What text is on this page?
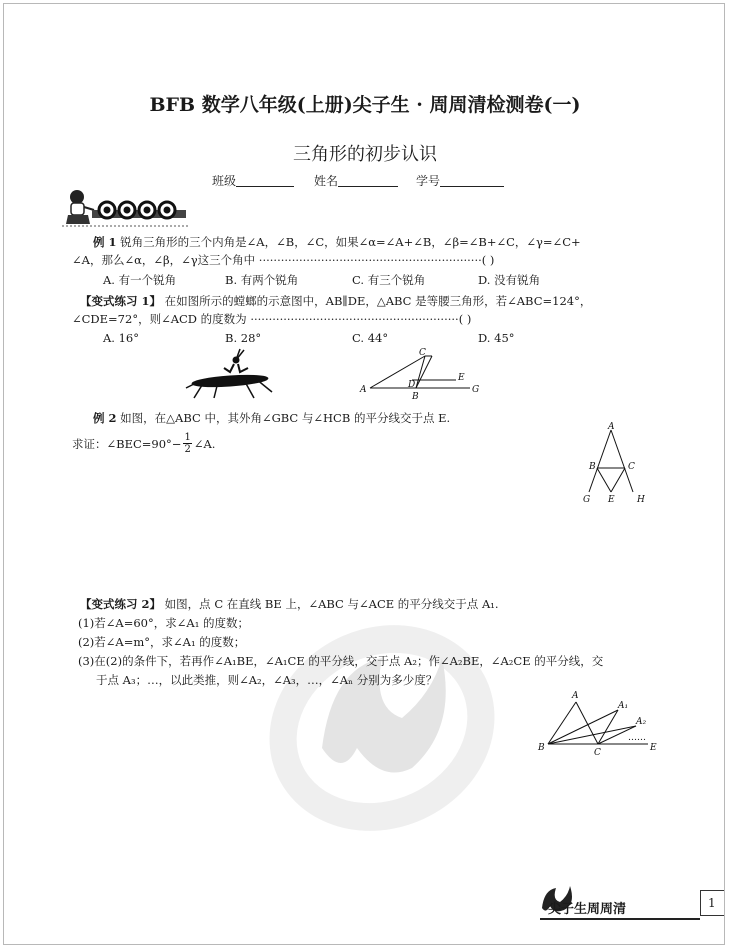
BFB 数学八年级(上册)尖子生 · 周周清检测卷(一)
三角形的初步认识
班级	姓名	学号
例 1 锐角三角形的三个内角是∠A，∠B，∠C，如果∠α=∠A+∠B，∠β=∠B+∠C，∠γ=∠C+
∠A，那么∠α，∠β，∠γ这三个角中 ·····························································( )
A. 有一个锐角	B. 有两个锐角	C. 有三个锐角	D. 没有锐角
【变式练习 1】 在如图所示的螳螂的示意图中，AB∥DE，△ABC 是等腰三角形，若∠ABC=124°，
∠CDE=72°，则∠ACD 的度数为 ·························································( )
A. 16°	B. 28°	C. 44°	D. 45°
C
A	D
B
E
G
例 2 如图，在△ABC 中，其外角∠GBC 与∠HCB 的平分线交于点 E.
求证：∠BEC=90°− $\frac{1}{2}$ ∠A.
A
B	C
G E H
【变式练习 2】 如图，点 C 在直线 BE 上，∠ABC 与∠ACE 的平分线交于点 A₁.
(1)若∠A=60°，求∠A₁ 的度数；
(2)若∠A=m°，求∠A₁ 的度数；
(3)在(2)的条件下，若再作∠A₁BE，∠A₁CE 的平分线，交于点 A₂；作∠A₂BE，∠A₂CE 的平分线，交
于点 A₃；…，以此类推，则∠A₂，∠A₃，…，∠Aₙ 分别为多少度？
A
A₁
A₂
B	C	E
……
尖子生周周清	1
